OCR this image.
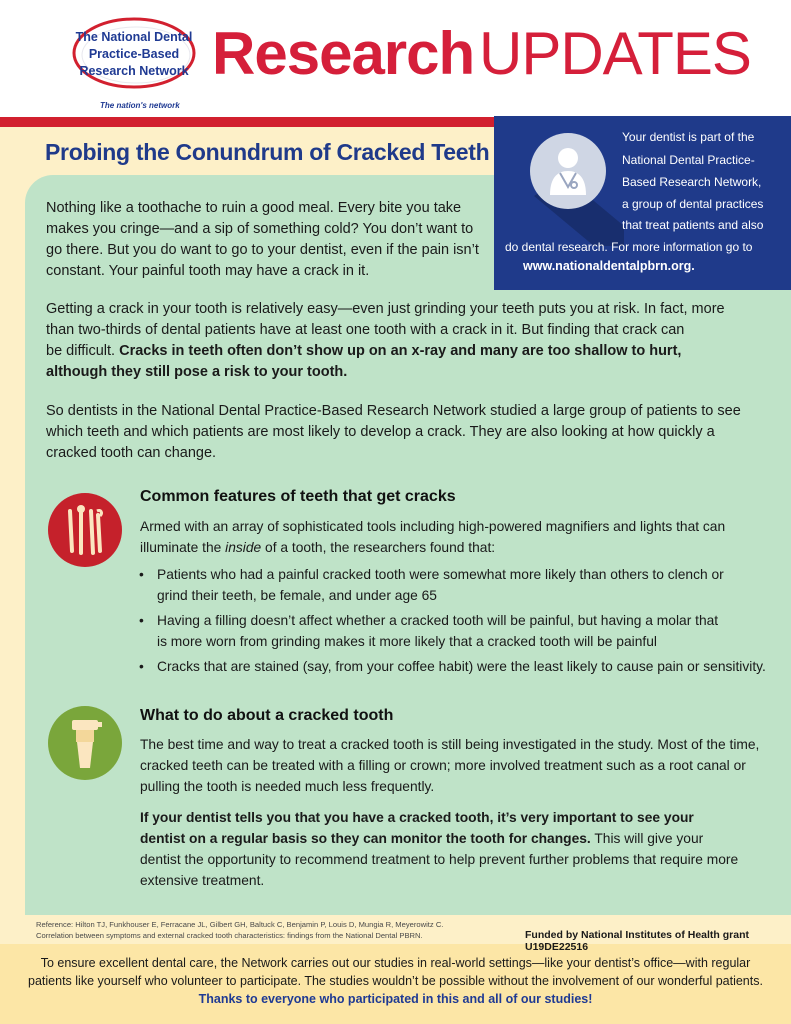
The National Dental
Practice-Based
Research Network
The nation's network
Research UPDATES
Your dentist is part of the
National Dental Practice-
Based Research Network,
a group of dental practices
that treat patients and also
do dental research. For more information go to
www.nationaldentalpbrn.org.
Probing the Conundrum of Cracked Teeth
Nothing like a toothache to ruin a good meal. Every bite you take
makes you cringe—and a sip of something cold? You don’t want to
go there. But you do want to go to your dentist, even if the pain isn’t
constant. Your painful tooth may have a crack in it.
Getting a crack in your tooth is relatively easy—even just grinding your teeth puts you at risk. In fact, more
than two-thirds of dental patients have at least one tooth with a crack in it. But finding that crack can
be difficult. Cracks in teeth often don’t show up on an x-ray and many are too shallow to hurt,
although they still pose a risk to your tooth.
So dentists in the National Dental Practice-Based Research Network studied a large group of patients to see
which teeth and which patients are most likely to develop a crack. They are also looking at how quickly a
cracked tooth can change.
Common features of teeth that get cracks
Armed with an array of sophisticated tools including high-powered magnifiers and lights that can
illuminate the inside of a tooth, the researchers found that:
• Patients who had a painful cracked tooth were somewhat more likely than others to clench or
grind their teeth, be female, and under age 65
• Having a filling doesn’t affect whether a cracked tooth will be painful, but having a molar that
is more worn from grinding makes it more likely that a cracked tooth will be painful
• Cracks that are stained (say, from your coffee habit) were the least likely to cause pain or sensitivity.
What to do about a cracked tooth
The best time and way to treat a cracked tooth is still being investigated in the study. Most of the time,
cracked teeth can be treated with a filling or crown; more involved treatment such as a root canal or
pulling the tooth is needed much less frequently.
If your dentist tells you that you have a cracked tooth, it’s very important to see your
dentist on a regular basis so they can monitor the tooth for changes. This will give your
dentist the opportunity to recommend treatment to help prevent further problems that require more
extensive treatment.
Reference: Hilton TJ, Funkhouser E, Ferracane JL, Gilbert GH, Baltuck C, Benjamin P, Louis D, Mungia R, Meyerowitz C.
Correlation between symptoms and external cracked tooth characteristics: findings from the National Dental PBRN.	Funded by National Institutes of Health grant U19DE22516
To ensure excellent dental care, the Network carries out our studies in real-world settings—like your dentist’s office—with regular
patients like yourself who volunteer to participate. The studies wouldn’t be possible without the involvement of our wonderful patients.
Thanks to everyone who participated in this and all of our studies!
